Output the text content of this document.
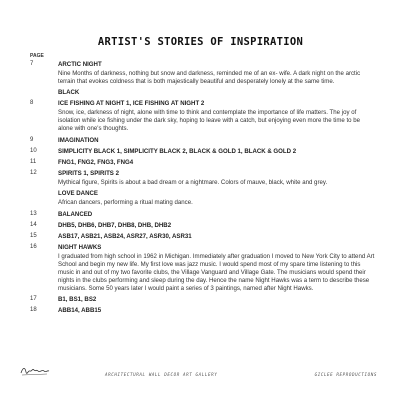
ARTIST'S STORIES OF INSPIRATION
PAGE
7	ARCTIC NIGHT
Nine Months of darkness, nothing but snow and darkness, reminded me of an ex- wife. A dark night on the arctic terrain that evokes coldness that is both majestically beautiful and desperately lonely at the same time.
BLACK
8	ICE FISHING AT NIGHT 1, ICE FISHING AT NIGHT 2
Snow, ice, darkness of night, alone with time to think and contemplate the importance of life matters. The joy of isolation while ice fishing under the dark sky, hoping to leave with a catch, but enjoying even more the time to be alone with one's thoughts.
9	IMAGINATION
10	SIMPLICITY BLACK 1, SIMPLICITY BLACK 2, BLACK & GOLD 1, BLACK & GOLD 2
11	FNG1, FNG2, FNG3, FNG4
12	SPIRITS 1, SPIRITS 2
Mythical figure, Spirits is about a bad dream or a nightmare. Colors of mauve, black, white and grey.
LOVE DANCE
African dancers, performing a ritual mating dance.
13	BALANCED
14	DHB5, DHB6, DHB7, DHB8, DHB, DHB2
15	ASB17, ASB21, ASB24, ASR27, ASR30, ASR31
16	NIGHT HAWKS
I graduated from high school in 1962 in Michigan. Immediately after graduation I moved to New York City to attend Art School and begin my new life. My first love was jazz music. I would spend most of my spare time listening to this music in and out of my two favorite clubs, the Village Vanguard and Village Gate. The musicians would spend their nights in the clubs performing and sleep during the day. Hence the name Night Hawks was a term to describe these musicians. Some 50 years later I would paint a series of 3 paintings, named after Night Hawks.
17	B1, BS1, BS2
18	ABB14, ABB15
ARCHITECTURAL WALL DECOR ART GALLERY	GICLEE REPRODUCTIONS
